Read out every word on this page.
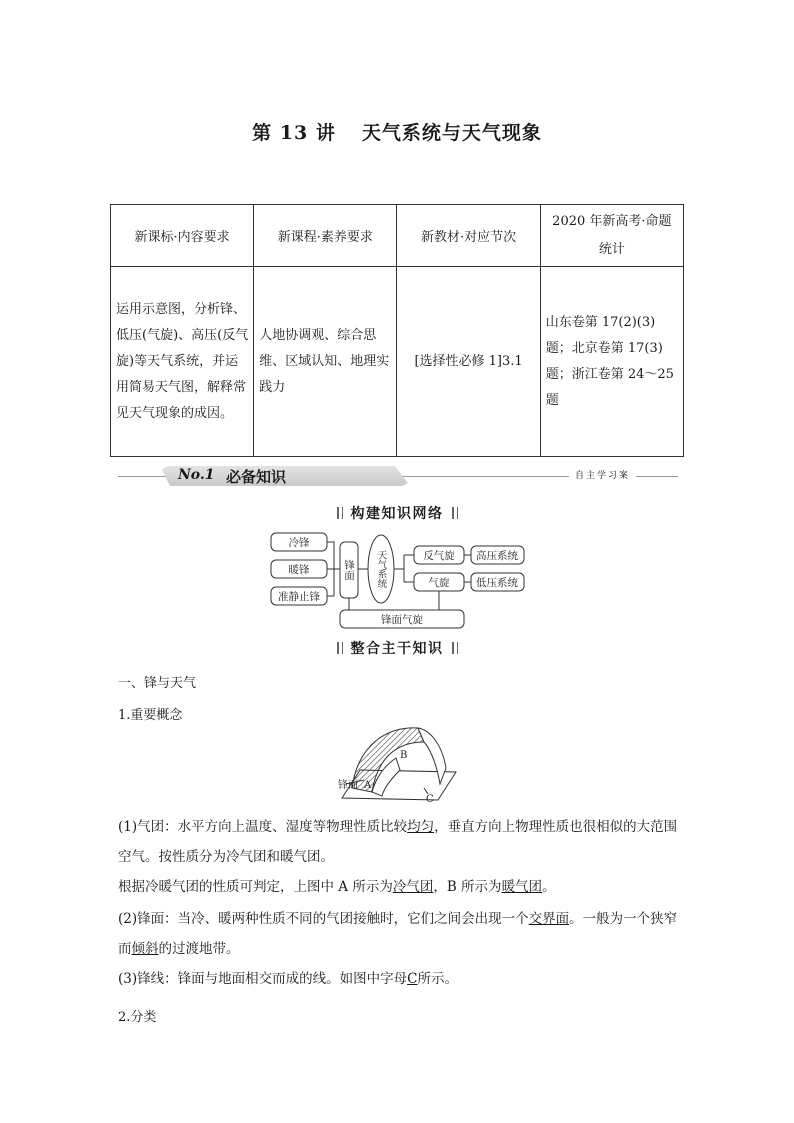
第 13 讲 天气系统与天气现象
新课标·内容要求	新课程·素养要求	新教材·对应节次	2020 年新高考·命题统计
运用示意图，分析锋、低压(气旋)、高压(反气旋)等天气系统，并运用简易天气图，解释常见天气现象的成因。	人地协调观、综合思维、区域认知、地理实践力	[选择性必修 1]3.1	山东卷第 17(2)(3)题；北京卷第 17(3)题；浙江卷第 24～25 题
No.1 必备知识	自主学习案
构建知识网络
冷锋
暖锋
准静止锋
锋面 天气系统	反气旋 高压系统
气旋	低压系统
锋面气旋
整合主干知识
一、锋与天气
1.重要概念
锋面 A
B
C
(1)气团：水平方向上温度、湿度等物理性质比较均匀，垂直方向上物理性质也很相似的大范围空气。按性质分为冷气团和暖气团。
根据冷暖气团的性质可判定，上图中 A 所示为冷气团，B 所示为暖气团。
(2)锋面：当冷、暖两种性质不同的气团接触时，它们之间会出现一个交界面。一般为一个狭窄而倾斜的过渡地带。
(3)锋线：锋面与地面相交而成的线。如图中字母C所示。
2.分类
